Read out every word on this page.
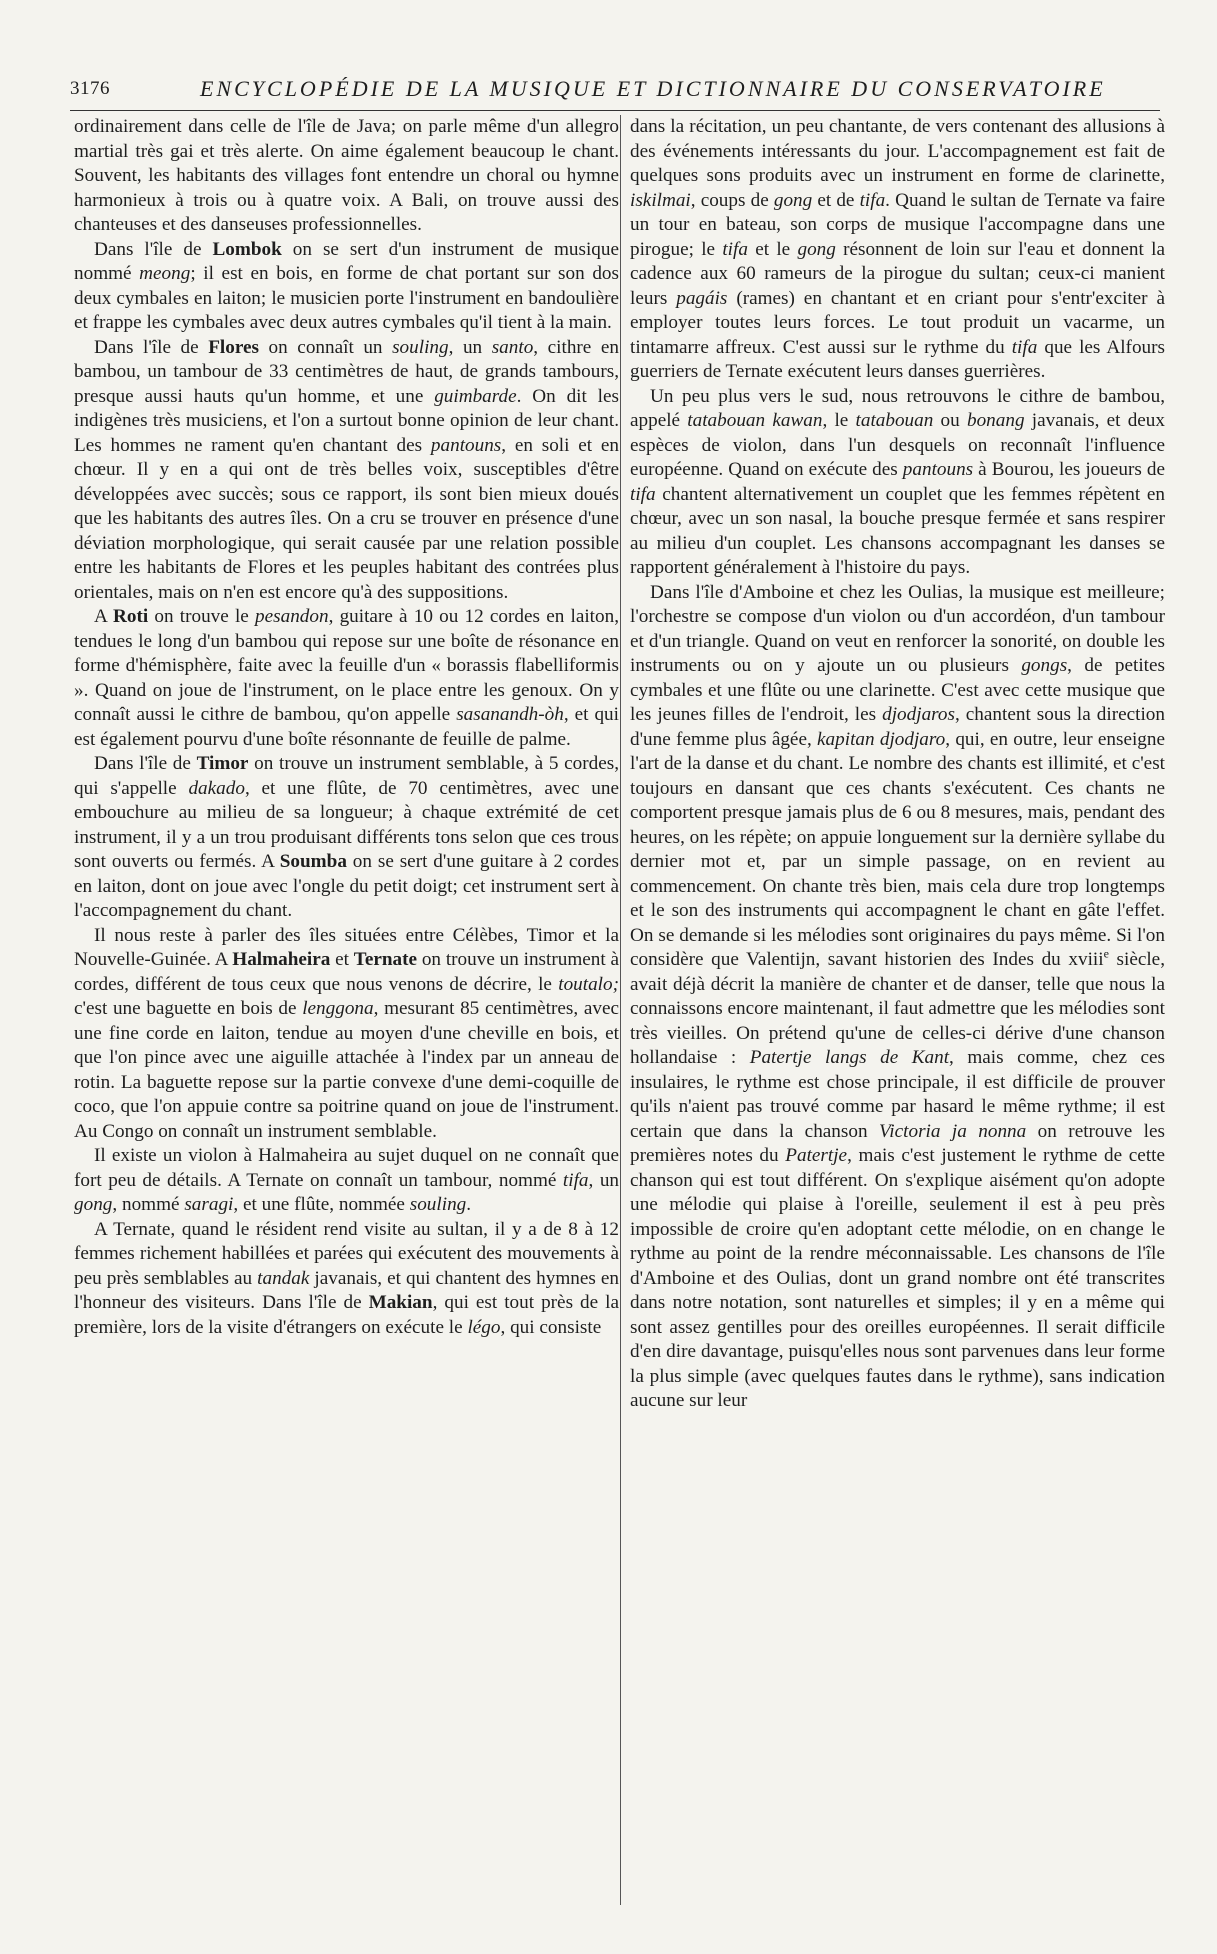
3176	ENCYCLOPÉDIE DE LA MUSIQUE ET DICTIONNAIRE DU CONSERVATOIRE

ordinairement dans celle de l'île de Java; on parle même d'un allegro martial très gai et très alerte. On aime également beaucoup le chant. Souvent, les habitants des villages font entendre un choral ou hymne harmonieux à trois ou à quatre voix. A Bali, on trouve aussi des chanteuses et des danseuses professionnelles.

Dans l'île de Lombok on se sert d'un instrument de musique nommé meong; il est en bois, en forme de chat portant sur son dos deux cymbales en laiton; le musicien porte l'instrument en bandoulière et frappe les cymbales avec deux autres cymbales qu'il tient à la main.

Dans l'île de Flores on connaît un souling, un santo, cithre en bambou, un tambour de 33 centimètres de haut, de grands tambours, presque aussi hauts qu'un homme, et une guimbarde. On dit les indigènes très musiciens, et l'on a surtout bonne opinion de leur chant. Les hommes ne rament qu'en chantant des pantouns, en soli et en chœur. Il y en a qui ont de très belles voix, susceptibles d'être développées avec succès; sous ce rapport, ils sont bien mieux doués que les habitants des autres îles. On a cru se trouver en présence d'une déviation morphologique, qui serait causée par une relation possible entre les habitants de Flores et les peuples habitant des contrées plus orientales, mais on n'en est encore qu'à des suppositions.

A Roti on trouve le pesandon, guitare à 10 ou 12 cordes en laiton, tendues le long d'un bambou qui repose sur une boîte de résonance en forme d'hémisphère, faite avec la feuille d'un « borassis flabelliformis ». Quand on joue de l'instrument, on le place entre les genoux. On y connaît aussi le cithre de bambou, qu'on appelle sasanandh-òh, et qui est également pourvu d'une boîte résonnante de feuille de palme.

Dans l'île de Timor on trouve un instrument semblable, à 5 cordes, qui s'appelle dakado, et une flûte, de 70 centimètres, avec une embouchure au milieu de sa longueur; à chaque extrémité de cet instrument, il y a un trou produisant différents tons selon que ces trous sont ouverts ou fermés. A Soumba on se sert d'une guitare à 2 cordes en laiton, dont on joue avec l'ongle du petit doigt; cet instrument sert à l'accompagnement du chant.

Il nous reste à parler des îles situées entre Célèbes, Timor et la Nouvelle-Guinée. A Halmaheira et Ternate on trouve un instrument à cordes, différent de tous ceux que nous venons de décrire, le toutalo; c'est une baguette en bois de lenggona, mesurant 85 centimètres, avec une fine corde en laiton, tendue au moyen d'une cheville en bois, et que l'on pince avec une aiguille attachée à l'index par un anneau de rotin. La baguette repose sur la partie convexe d'une demi-coquille de coco, que l'on appuie contre sa poitrine quand on joue de l'instrument. Au Congo on connaît un instrument semblable.

Il existe un violon à Halmaheira au sujet duquel on ne connaît que fort peu de détails. A Ternate on connaît un tambour, nommé tifa, un gong, nommé saragi, et une flûte, nommée souling.

A Ternate, quand le résident rend visite au sultan, il y a de 8 à 12 femmes richement habillées et parées qui exécutent des mouvements à peu près semblables au tandak javanais, et qui chantent des hymnes en l'honneur des visiteurs. Dans l'île de Makian, qui est tout près de la première, lors de la visite d'étrangers on exécute le légo, qui consiste

dans la récitation, un peu chantante, de vers contenant des allusions à des événements intéressants du jour. L'accompagnement est fait de quelques sons produits avec un instrument en forme de clarinette, iskilmai, coups de gong et de tifa. Quand le sultan de Ternate va faire un tour en bateau, son corps de musique l'accompagne dans une pirogue; le tifa et le gong résonnent de loin sur l'eau et donnent la cadence aux 60 rameurs de la pirogue du sultan; ceux-ci manient leurs pagáis (rames) en chantant et en criant pour s'entr'exciter à employer toutes leurs forces. Le tout produit un vacarme, un tintamarre affreux. C'est aussi sur le rythme du tifa que les Alfours guerriers de Ternate exécutent leurs danses guerrières.

Un peu plus vers le sud, nous retrouvons le cithre de bambou, appelé tatabouan kawan, le tatabouan ou bonang javanais, et deux espèces de violon, dans l'un desquels on reconnaît l'influence européenne. Quand on exécute des pantouns à Bourou, les joueurs de tifa chantent alternativement un couplet que les femmes répètent en chœur, avec un son nasal, la bouche presque fermée et sans respirer au milieu d'un couplet. Les chansons accompagnant les danses se rapportent généralement à l'histoire du pays.

Dans l'île d'Amboine et chez les Oulias, la musique est meilleure; l'orchestre se compose d'un violon ou d'un accordéon, d'un tambour et d'un triangle. Quand on veut en renforcer la sonorité, on double les instruments ou on y ajoute un ou plusieurs gongs, de petites cymbales et une flûte ou une clarinette. C'est avec cette musique que les jeunes filles de l'endroit, les djodjaros, chantent sous la direction d'une femme plus âgée, kapitan djodjaro, qui, en outre, leur enseigne l'art de la danse et du chant. Le nombre des chants est illimité, et c'est toujours en dansant que ces chants s'exécutent. Ces chants ne comportent presque jamais plus de 6 ou 8 mesures, mais, pendant des heures, on les répète; on appuie longuement sur la dernière syllabe du dernier mot et, par un simple passage, on en revient au commencement. On chante très bien, mais cela dure trop longtemps et le son des instruments qui accompagnent le chant en gâte l'effet. On se demande si les mélodies sont originaires du pays même. Si l'on considère que Valentijn, savant historien des Indes du xviii$^e$ siècle, avait déjà décrit la manière de chanter et de danser, telle que nous la connaissons encore maintenant, il faut admettre que les mélodies sont très vieilles. On prétend qu'une de celles-ci dérive d'une chanson hollandaise : Patertje langs de Kant, mais comme, chez ces insulaires, le rythme est chose principale, il est difficile de prouver qu'ils n'aient pas trouvé comme par hasard le même rythme; il est certain que dans la chanson Victoria ja nonna on retrouve les premières notes du Patertje, mais c'est justement le rythme de cette chanson qui est tout différent. On s'explique aisément qu'on adopte une mélodie qui plaise à l'oreille, seulement il est à peu près impossible de croire qu'en adoptant cette mélodie, on en change le rythme au point de la rendre méconnaissable. Les chansons de l'île d'Amboine et des Oulias, dont un grand nombre ont été transcrites dans notre notation, sont naturelles et simples; il y en a même qui sont assez gentilles pour des oreilles européennes. Il serait difficile d'en dire davantage, puisqu'elles nous sont parvenues dans leur forme la plus simple (avec quelques fautes dans le rythme), sans indication aucune sur leur
